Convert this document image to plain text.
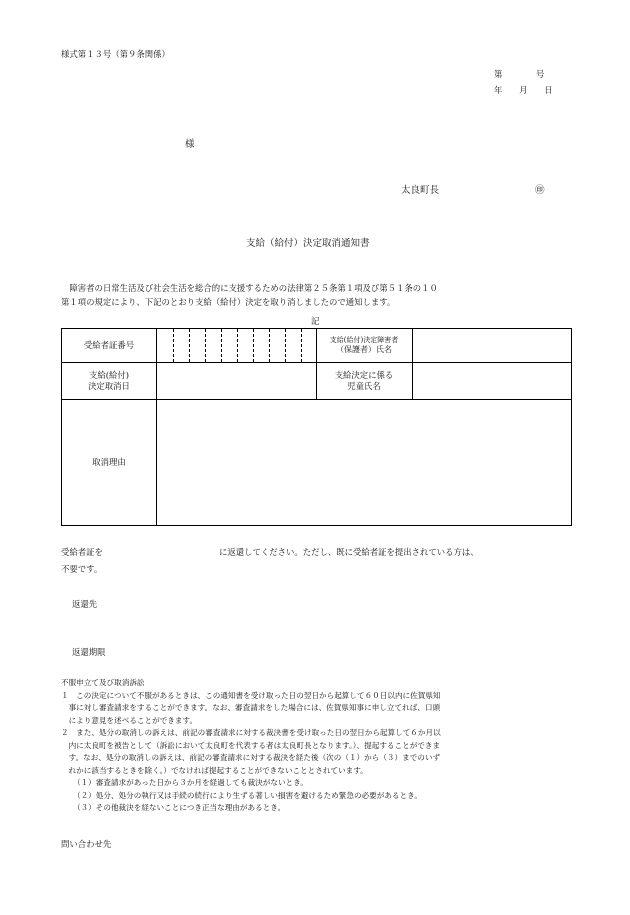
様式第１３号（第９条関係）
第　　　　号
年　　月　　日
様
太良町長	㊞
支給（給付）決定取消通知書
　障害者の日常生活及び社会生活を総合的に支援するための法律第２５条第１項及び第５１条の１０
第１項の規定により、下記のとおり支給（給付）決定を取り消しましたので通知します。
記
受給者証番号
支給(給付)決定障害者
（保護者）氏名
支給(給付)
決定取消日
支給決定に係る
児童氏名
取消理由
受給者証を	に返還してください。ただし、既に受給者証を提出されている方は、
不要です。
返還先
返還期限
不服申立て及び取消訴訟
１　この決定について不服があるときは、この通知書を受け取った日の翌日から起算して６０日以内に佐賀県知
　事に対し審査請求をすることができます。なお、審査請求をした場合には、佐賀県知事に申し立てれば、口頭
　により意見を述べることができます。
２　また、処分の取消しの訴えは、前記の審査請求に対する裁決書を受け取った日の翌日から起算して６か月以
　内に太良町を被告として（訴訟において太良町を代表する者は太良町長となります。）、提起することができま
　す。なお、処分の取消しの訴えは、前記の審査請求に対する裁決を経た後（次の（１）から（３）までのいず
　れかに該当するときを除く。）でなければ提起することができないこととされています。
（１）審査請求があった日から３か月を経過しても裁決がないとき。
（２）処分、処分の執行又は手続の続行により生ずる著しい損害を避けるため緊急の必要があるとき。
（３）その他裁決を経ないことにつき正当な理由があるとき。
問い合わせ先
